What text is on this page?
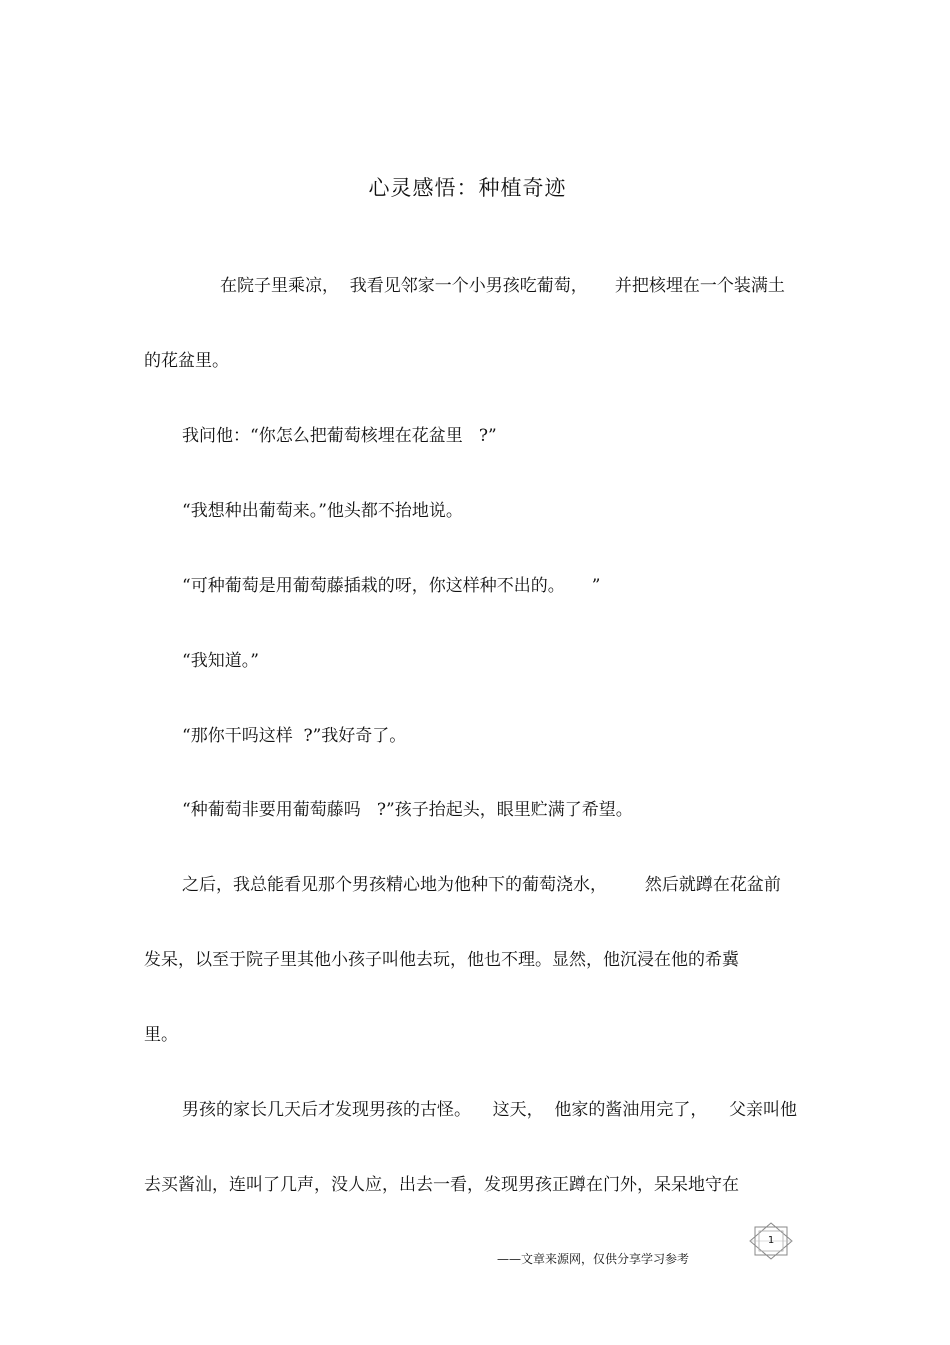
心灵感悟：种植奇迹
在院子里乘凉，  我看见邻家一个小男孩吃葡萄，     并把核埋在一个装满土
的花盆里。
我问他：“你怎么把葡萄核埋在花盆里   ?”
“我想种出葡萄来。”他头都不抬地说。
“可种葡萄是用葡萄藤插栽的呀，你这样种不出的。     ”
“我知道。”
“那你干吗这样  ?”我好奇了。
“种葡萄非要用葡萄藤吗   ?”孩子抬起头，眼里贮满了希望。
之后，我总能看见那个男孩精心地为他种下的葡萄浇水，       然后就蹲在花盆前
发呆，以至于院子里其他小孩子叫他去玩，他也不理。显然，他沉浸在他的希冀
里。
男孩的家长几天后才发现男孩的古怪。    这天，  他家的酱油用完了，    父亲叫他
去买酱汕，连叫了几声，没人应，出去一看，发现男孩正蹲在门外，呆呆地守在
1
——文章来源网，仅供分享学习参考
